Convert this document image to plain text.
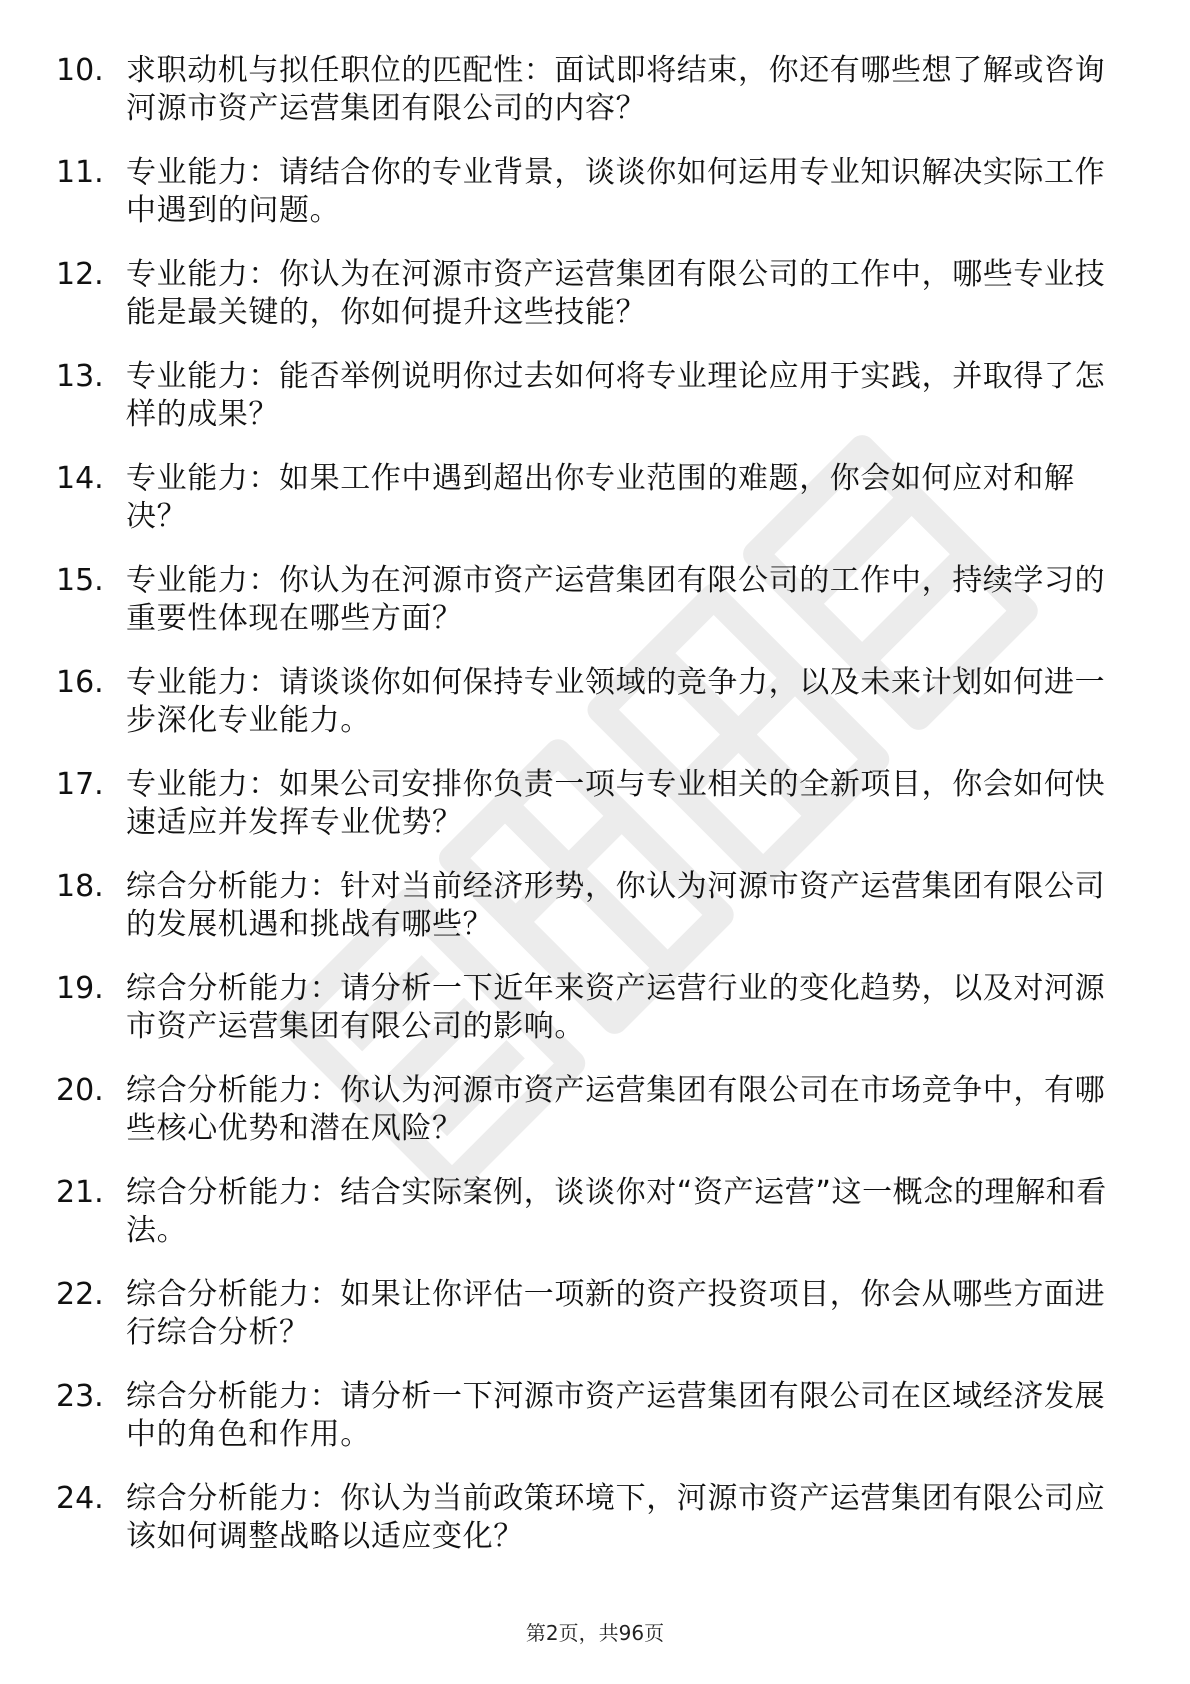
10. 求职动机与拟任职位的匹配性：面试即将结束，你还有哪些想了解或咨询河源市资产运营集团有限公司的内容？
11. 专业能力：请结合你的专业背景，谈谈你如何运用专业知识解决实际工作中遇到的问题。
12. 专业能力：你认为在河源市资产运营集团有限公司的工作中，哪些专业技能是最关键的，你如何提升这些技能？
13. 专业能力：能否举例说明你过去如何将专业理论应用于实践，并取得了怎样的成果？
14. 专业能力：如果工作中遇到超出你专业范围的难题，你会如何应对和解决？
15. 专业能力：你认为在河源市资产运营集团有限公司的工作中，持续学习的重要性体现在哪些方面？
16. 专业能力：请谈谈你如何保持专业领域的竞争力，以及未来计划如何进一步深化专业能力。
17. 专业能力：如果公司安排你负责一项与专业相关的全新项目，你会如何快速适应并发挥专业优势？
18. 综合分析能力：针对当前经济形势，你认为河源市资产运营集团有限公司的发展机遇和挑战有哪些？
19. 综合分析能力：请分析一下近年来资产运营行业的变化趋势，以及对河源市资产运营集团有限公司的影响。
20. 综合分析能力：你认为河源市资产运营集团有限公司在市场竞争中，有哪些核心优势和潜在风险？
21. 综合分析能力：结合实际案例，谈谈你对“资产运营”这一概念的理解和看法。
22. 综合分析能力：如果让你评估一项新的资产投资项目，你会从哪些方面进行综合分析？
23. 综合分析能力：请分析一下河源市资产运营集团有限公司在区域经济发展中的角色和作用。
24. 综合分析能力：你认为当前政策环境下，河源市资产运营集团有限公司应该如何调整战略以适应变化？
第2页，共96页
